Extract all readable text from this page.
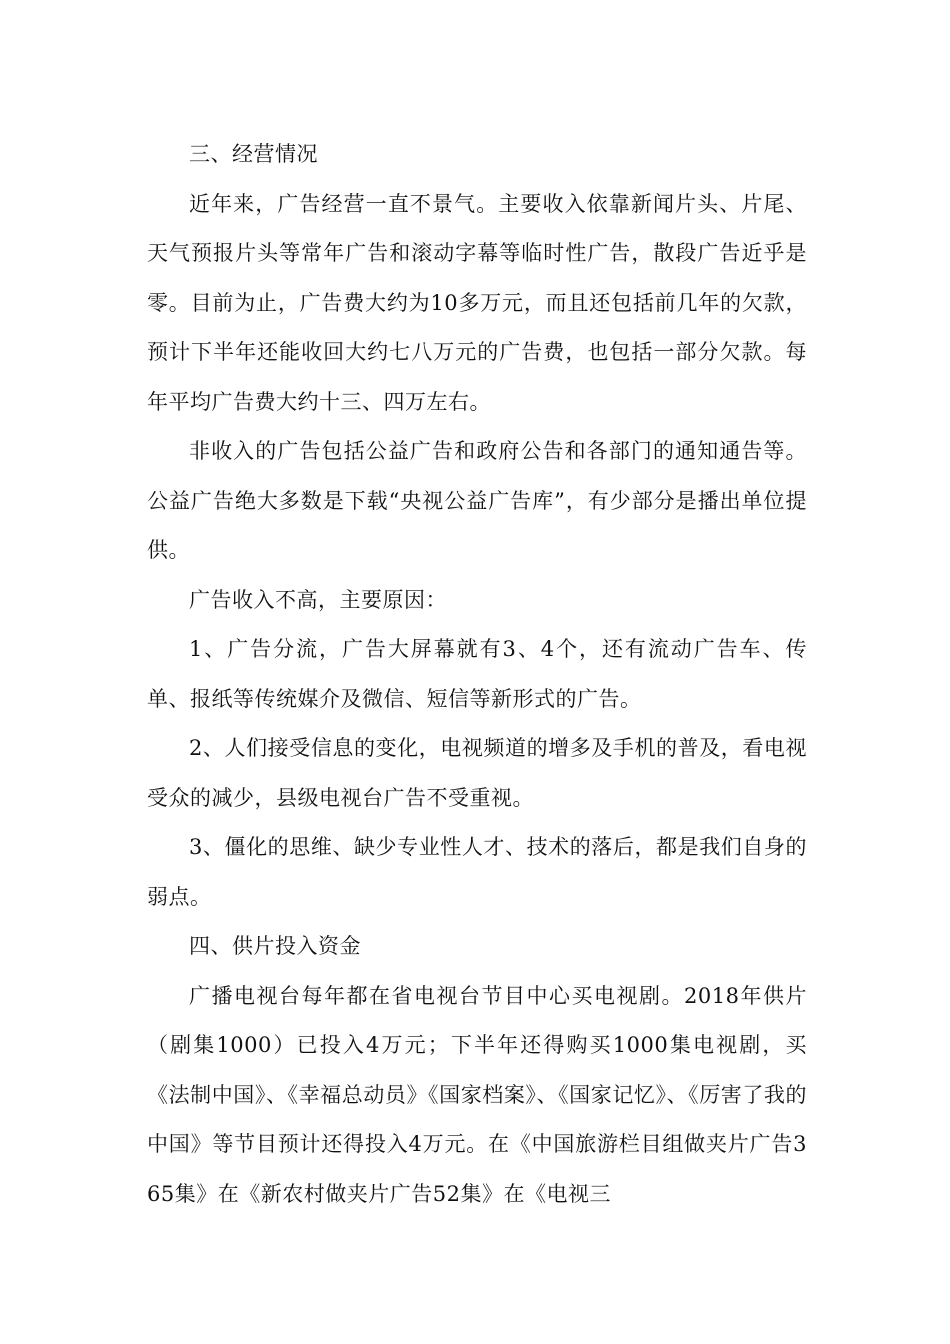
三、经营情况

近年来，广告经营一直不景气。主要收入依靠新闻片头、片尾、天气预报片头等常年广告和滚动字幕等临时性广告，散段广告近乎是零。目前为止，广告费大约为10多万元，而且还包括前几年的欠款，预计下半年还能收回大约七八万元的广告费，也包括一部分欠款。每年平均广告费大约十三、四万左右。

非收入的广告包括公益广告和政府公告和各部门的通知通告等。公益广告绝大多数是下载“央视公益广告库”，有少部分是播出单位提供。

广告收入不高，主要原因：

1、广告分流，广告大屏幕就有3、4个，还有流动广告车、传单、报纸等传统媒介及微信、短信等新形式的广告。

2、人们接受信息的变化，电视频道的增多及手机的普及，看电视受众的减少，县级电视台广告不受重视。

3、僵化的思维、缺少专业性人才、技术的落后，都是我们自身的弱点。

四、供片投入资金

广播电视台每年都在省电视台节目中心买电视剧。2018年供片（剧集1000）已投入4万元；下半年还得购买1000集电视剧，买《法制中国》、《幸福总动员》《国家档案》、《国家记忆》、《厉害了我的中国》等节目预计还得投入4万元。在《中国旅游栏目组做夹片广告365集》在《新农村做夹片广告52集》在《电视三
